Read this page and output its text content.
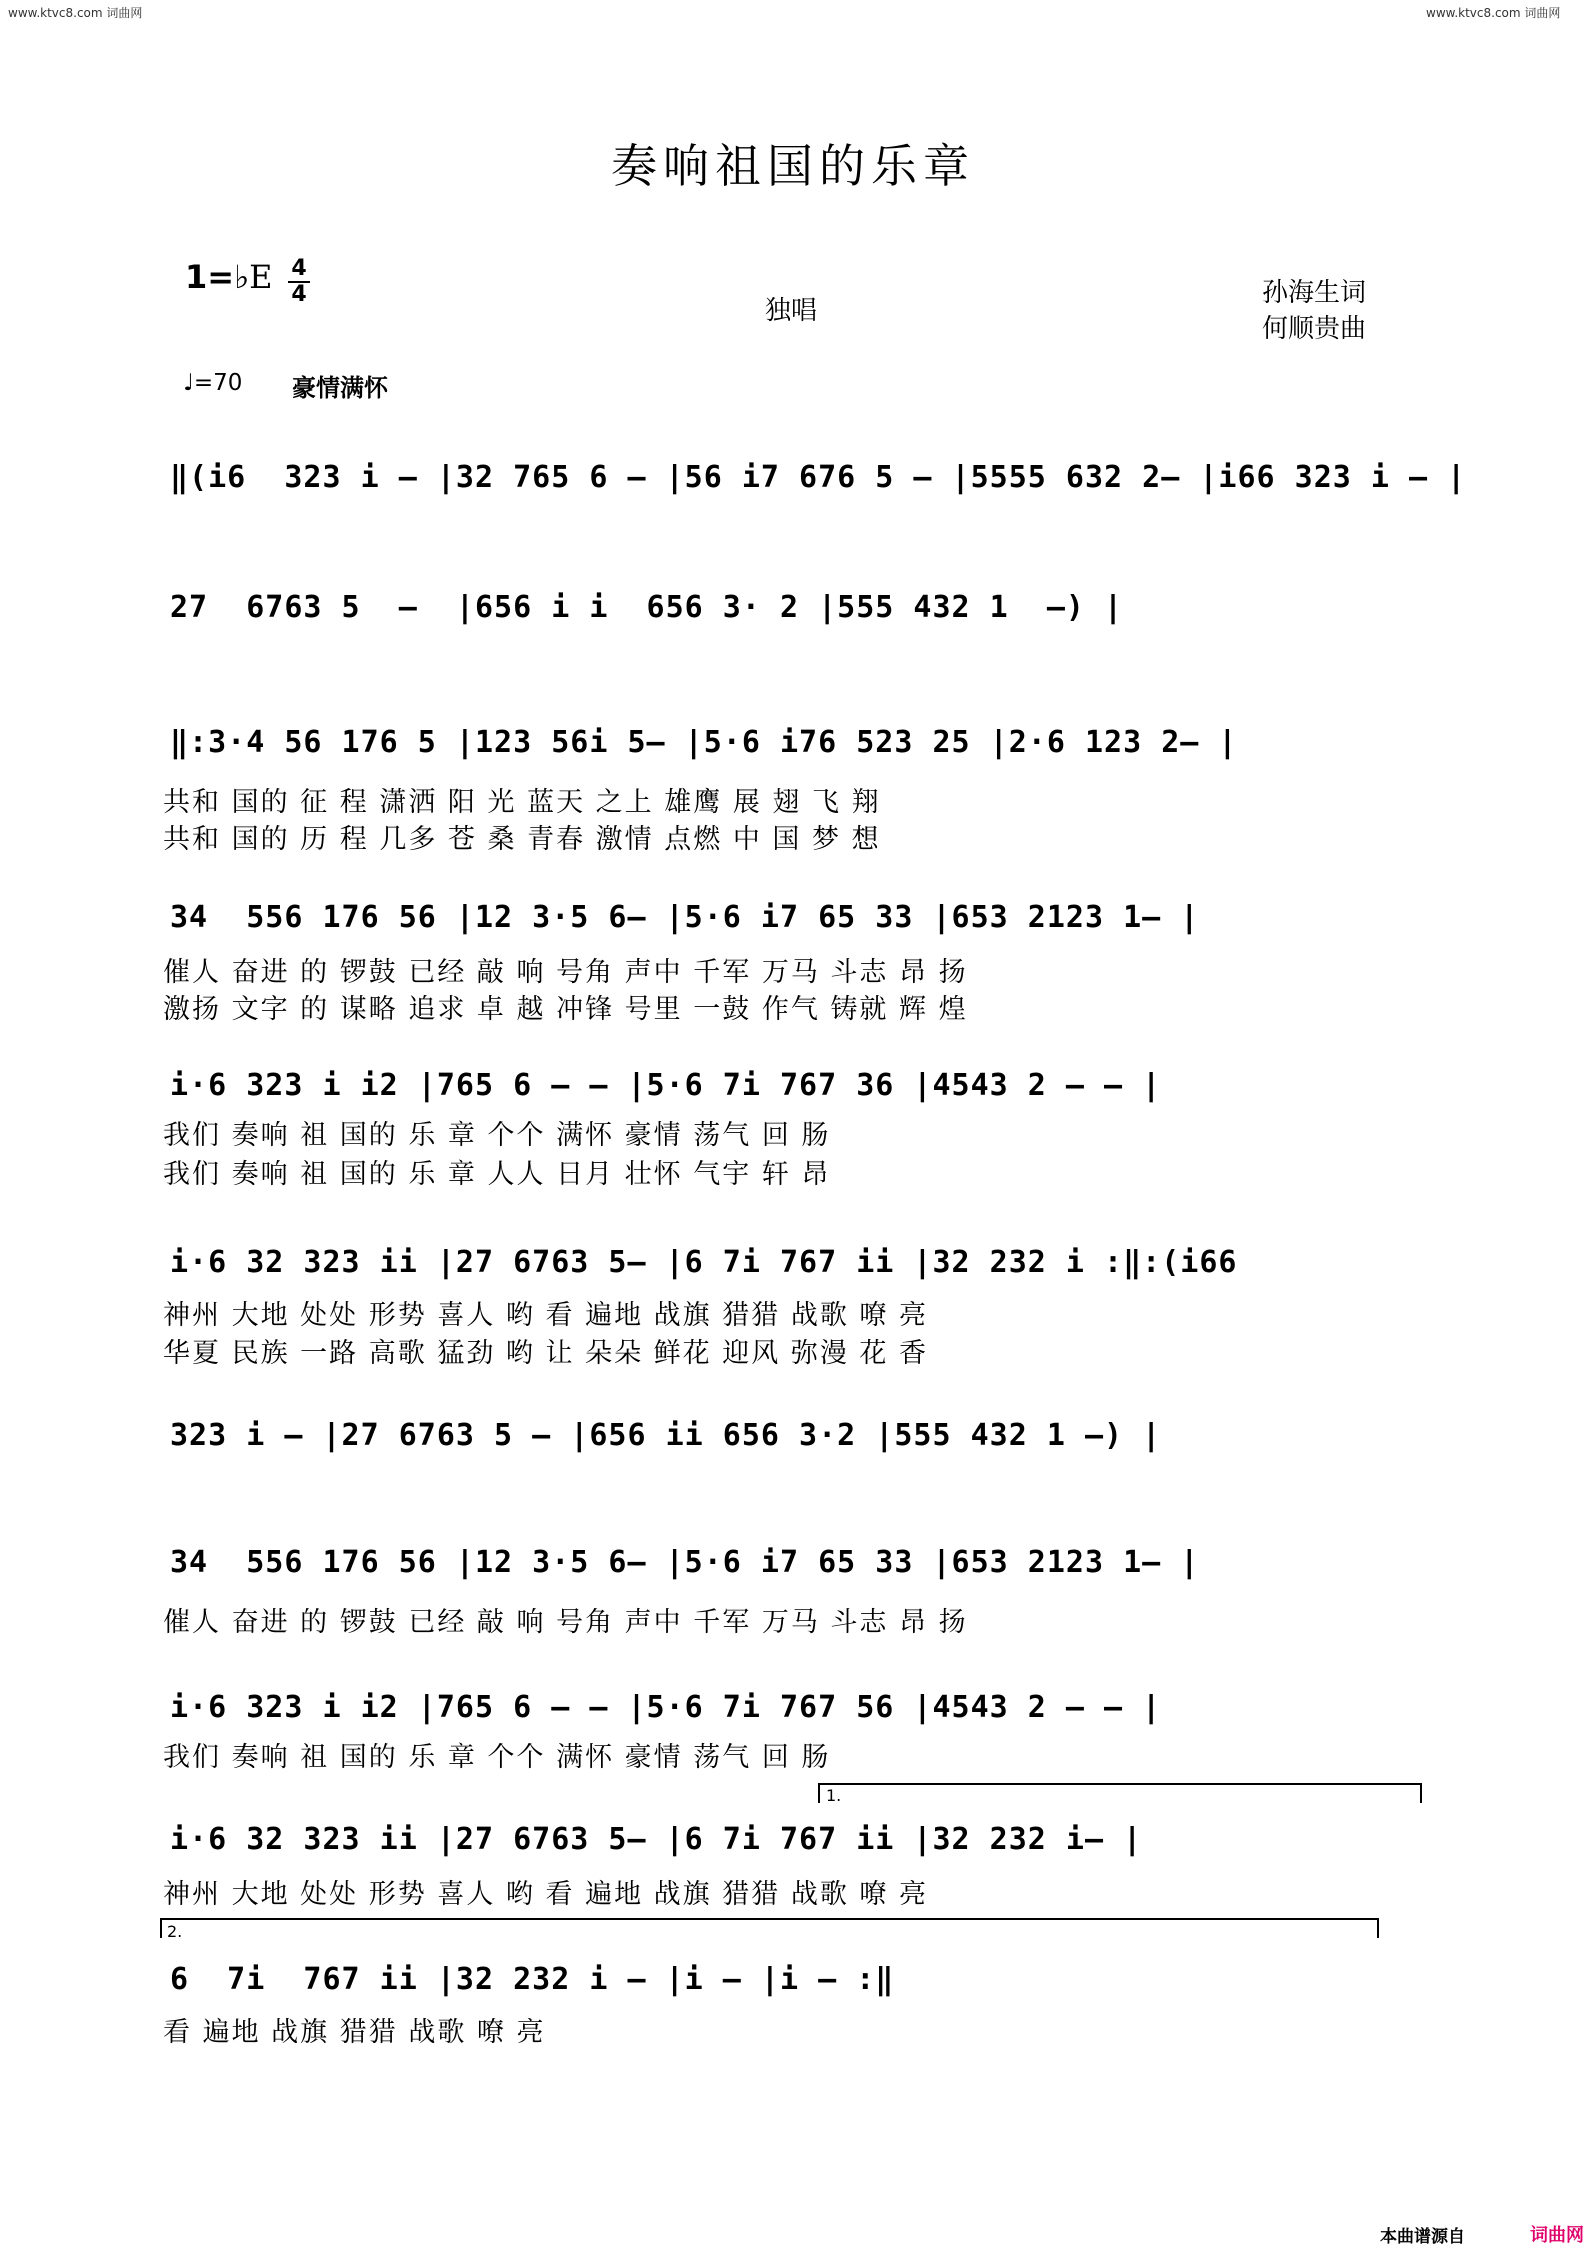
www.ktvc8.com 词曲网	www.ktvc8.com 词曲网
奏响祖国的乐章
1=♭E 4
4
独唱
孙海生词
何顺贵曲
♩=70 豪情满怀
‖(i6  323 i – |32 765 6 – |56 i7 676 5 – |5555 632 2– |i66 323 i – |
27  6763 5  –  |656 i i  656 3· 2 |555 432 1  –) |
‖:3·4 56 176 5 |123 56i 5– |5·6 i76 523 25 |2·6 123 2– |
共和 国的 征 程 潇洒 阳 光 蓝天 之上 雄鹰 展 翅 飞 翔
共和 国的 历 程 几多 苍 桑 青春 激情 点燃 中 国 梦 想
34  556 176 56 |12 3·5 6– |5·6 i7 65 33 |653 2123 1– |
催人 奋进 的 锣鼓 已经 敲 响 号角 声中 千军 万马 斗志 昂 扬
激扬 文字 的 谋略 追求 卓 越 冲锋 号里 一鼓 作气 铸就 辉 煌
i·6 323 i i2 |765 6 – – |5·6 7i 767 36 |4543 2 – – |
我们 奏响 祖 国的 乐 章 个个 满怀 豪情 荡气 回 肠
我们 奏响 祖 国的 乐 章 人人 日月 壮怀 气宇 轩 昂
i·6 32 323 ii |27 6763 5– |6 7i 767 ii |32 232 i :‖:(i66
神州 大地 处处 形势 喜人 哟 看 遍地 战旗 猎猎 战歌 嘹 亮
华夏 民族 一路 高歌 猛劲 哟 让 朵朵 鲜花 迎风 弥漫 花 香
323 i – |27 6763 5 – |656 ii 656 3·2 |555 432 1 –) |
34  556 176 56 |12 3·5 6– |5·6 i7 65 33 |653 2123 1– |
催人 奋进 的 锣鼓 已经 敲 响 号角 声中 千军 万马 斗志 昂 扬
i·6 323 i i2 |765 6 – – |5·6 7i 767 56 |4543 2 – – |
我们 奏响 祖 国的 乐 章 个个 满怀 豪情 荡气 回 肠
1.
i·6 32 323 ii |27 6763 5– |6 7i 767 ii |32 232 i– |
神州 大地 处处 形势 喜人 哟 看 遍地 战旗 猎猎 战歌 嘹 亮
2.
6  7i  767 ii |32 232 i – |i – |i – :‖
看 遍地 战旗 猎猎 战歌 嘹 亮
本曲谱源自	词曲网
